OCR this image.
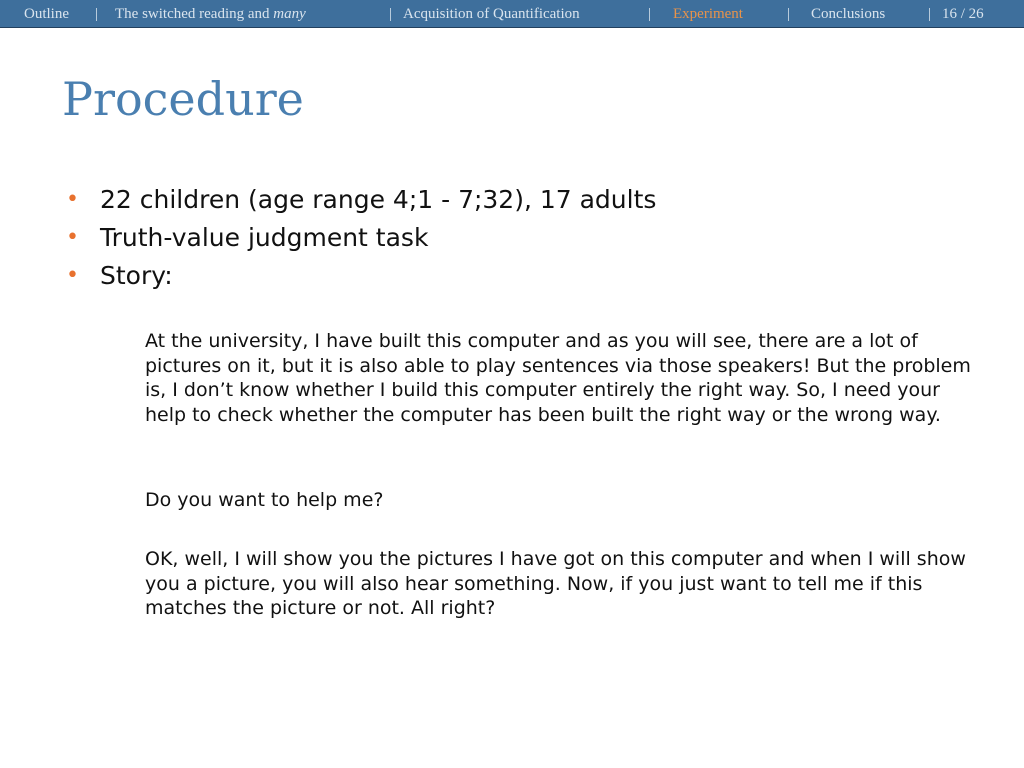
Outline | The switched reading and many	| Acquisition of Quantification	| Experiment	| Conclusions	| 16 / 26
Procedure
• 22 children (age range 4;1 - 7;32), 17 adults
• Truth-value judgment task
• Story:

At the university, I have built this computer and as you will see, there are a lot of pictures on it, but it is also able to play sentences via those speakers! But the problem is, I don’t know whether I build this computer entirely the right way. So, I need your help to check whether the computer has been built the right way or the wrong way.

Do you want to help me?

OK, well, I will show you the pictures I have got on this computer and when I will show you a picture, you will also hear something. Now, if you just want to tell me if this matches the picture or not. All right?
